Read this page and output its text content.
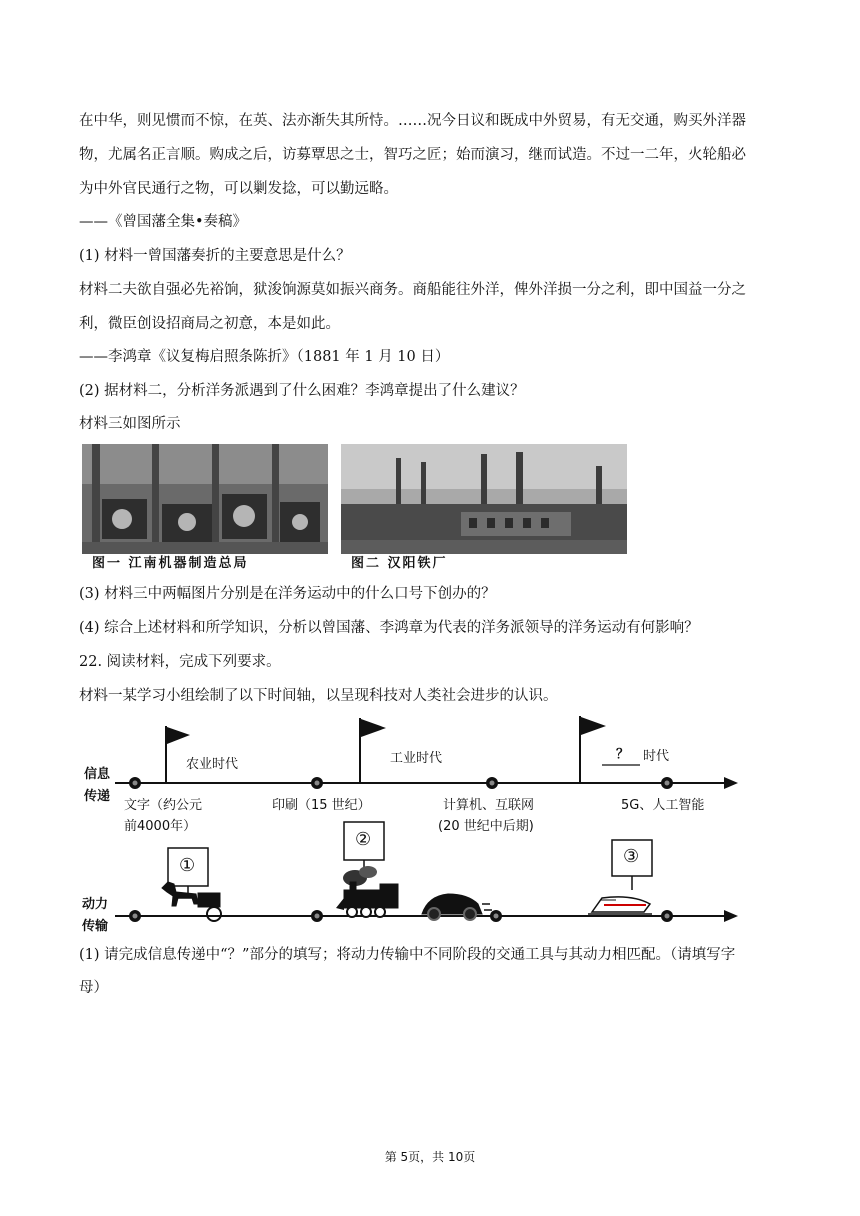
在中华，则见惯而不惊，在英、法亦渐失其所恃。……况今日议和既成中外贸易，有无交通，购买外洋器
物，尤属名正言顺。购成之后，访募覃思之士，智巧之匠；始而演习，继而试造。不过一二年，火轮船必
为中外官民通行之物，可以剿发捻，可以勤远略。
——《曾国藩全集•奏稿》
(1) 材料一曾国藩奏折的主要意思是什么？
材料二夫欲自强必先裕饷，狱浚饷源莫如振兴商务。商船能往外洋，俾外洋损一分之利，即中国益一分之
利，微臣创设招商局之初意，本是如此。
——李鸿章《议复梅启照条陈折》（1881 年 1 月 10 日）
(2) 据材料二，分析洋务派遇到了什么困难？李鸿章提出了什么建议？
材料三如图所示
图一 江南机器制造总局	图二 汉阳铁厂
(3) 材料三中两幅图片分别是在洋务运动中的什么口号下创办的？
(4) 综合上述材料和所学知识，分析以曾国藩、李鸿章为代表的洋务派领导的洋务运动有何影响？
22. 阅读材料，完成下列要求。
材料一某学习小组绘制了以下时间轴，以呈现科技对人类社会进步的认识。
信息
传递
动力
传输
农业时代	工业时代	？ 时代
文字（约公元
前4000年）
印刷（15 世纪）	计算机、互联网
(20 世纪中后期)
5G、人工智能
①
②
③
(1) 请完成信息传递中“？”部分的填写；将动力传输中不同阶段的交通工具与其动力相匹配。（请填写字
母）
第 5页，共 10页
